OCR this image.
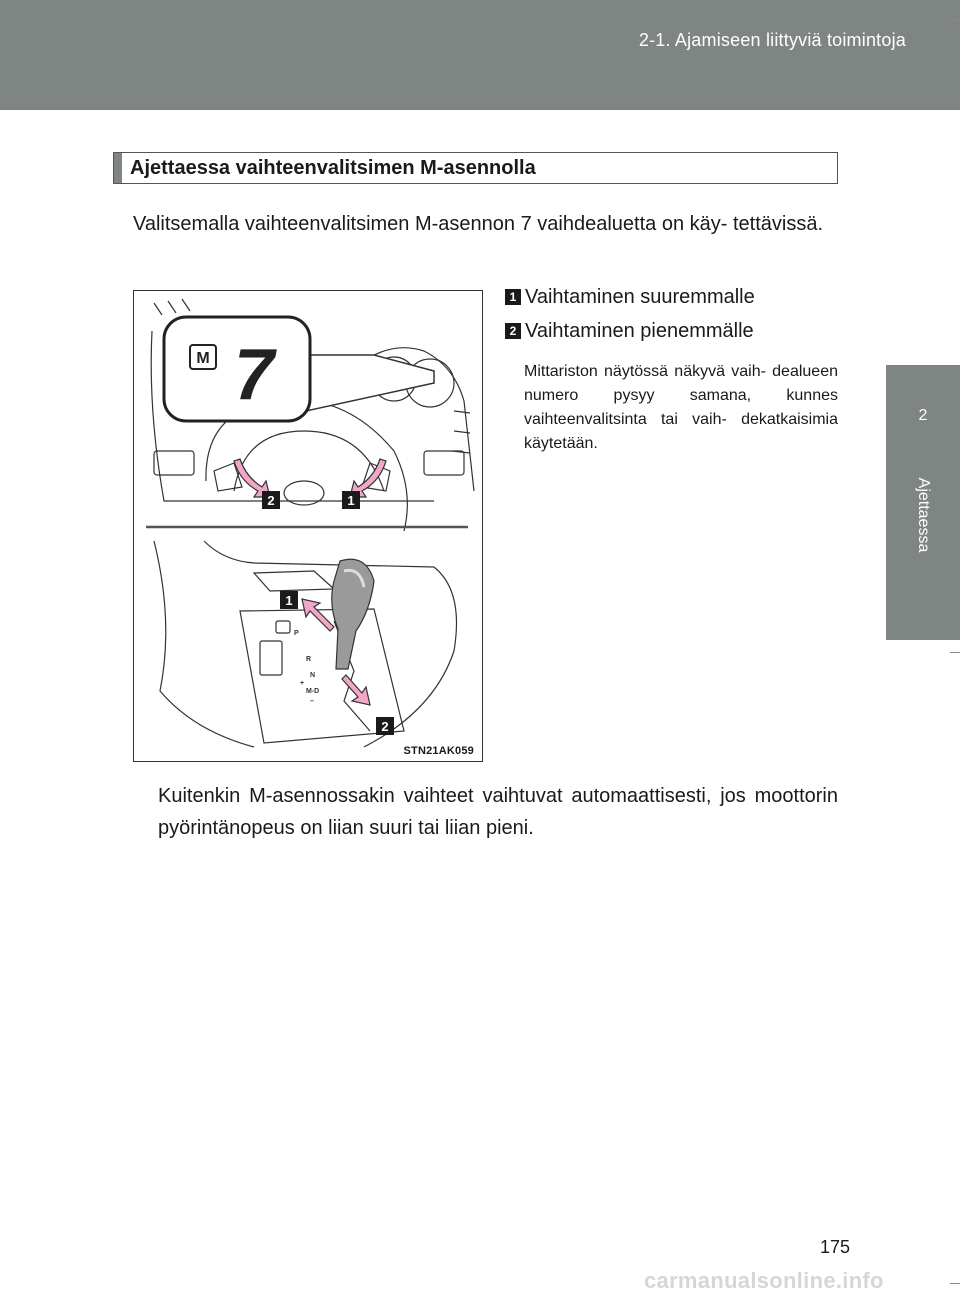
2-1. Ajamiseen liittyviä toimintoja
2
Ajettaessa
Ajettaessa vaihteenvalitsimen M-asennolla
Valitsemalla vaihteenvalitsimen M-asennon 7 vaihdealuetta on käy- tettävissä.
M 7
2	1
P
R
N
+
M-D
–
1
2
STN21AK059
1 Vaihtaminen suuremmalle
2 Vaihtaminen pienemmälle
Mittariston näytössä näkyvä vaih- dealueen numero pysyy samana, kunnes vaihteenvalitsinta tai vaih- dekatkaisimia käytetään.
Kuitenkin M-asennossakin vaihteet vaihtuvat automaattisesti, jos moottorin pyörintänopeus on liian suuri tai liian pieni.
175
carmanualsonline.info
